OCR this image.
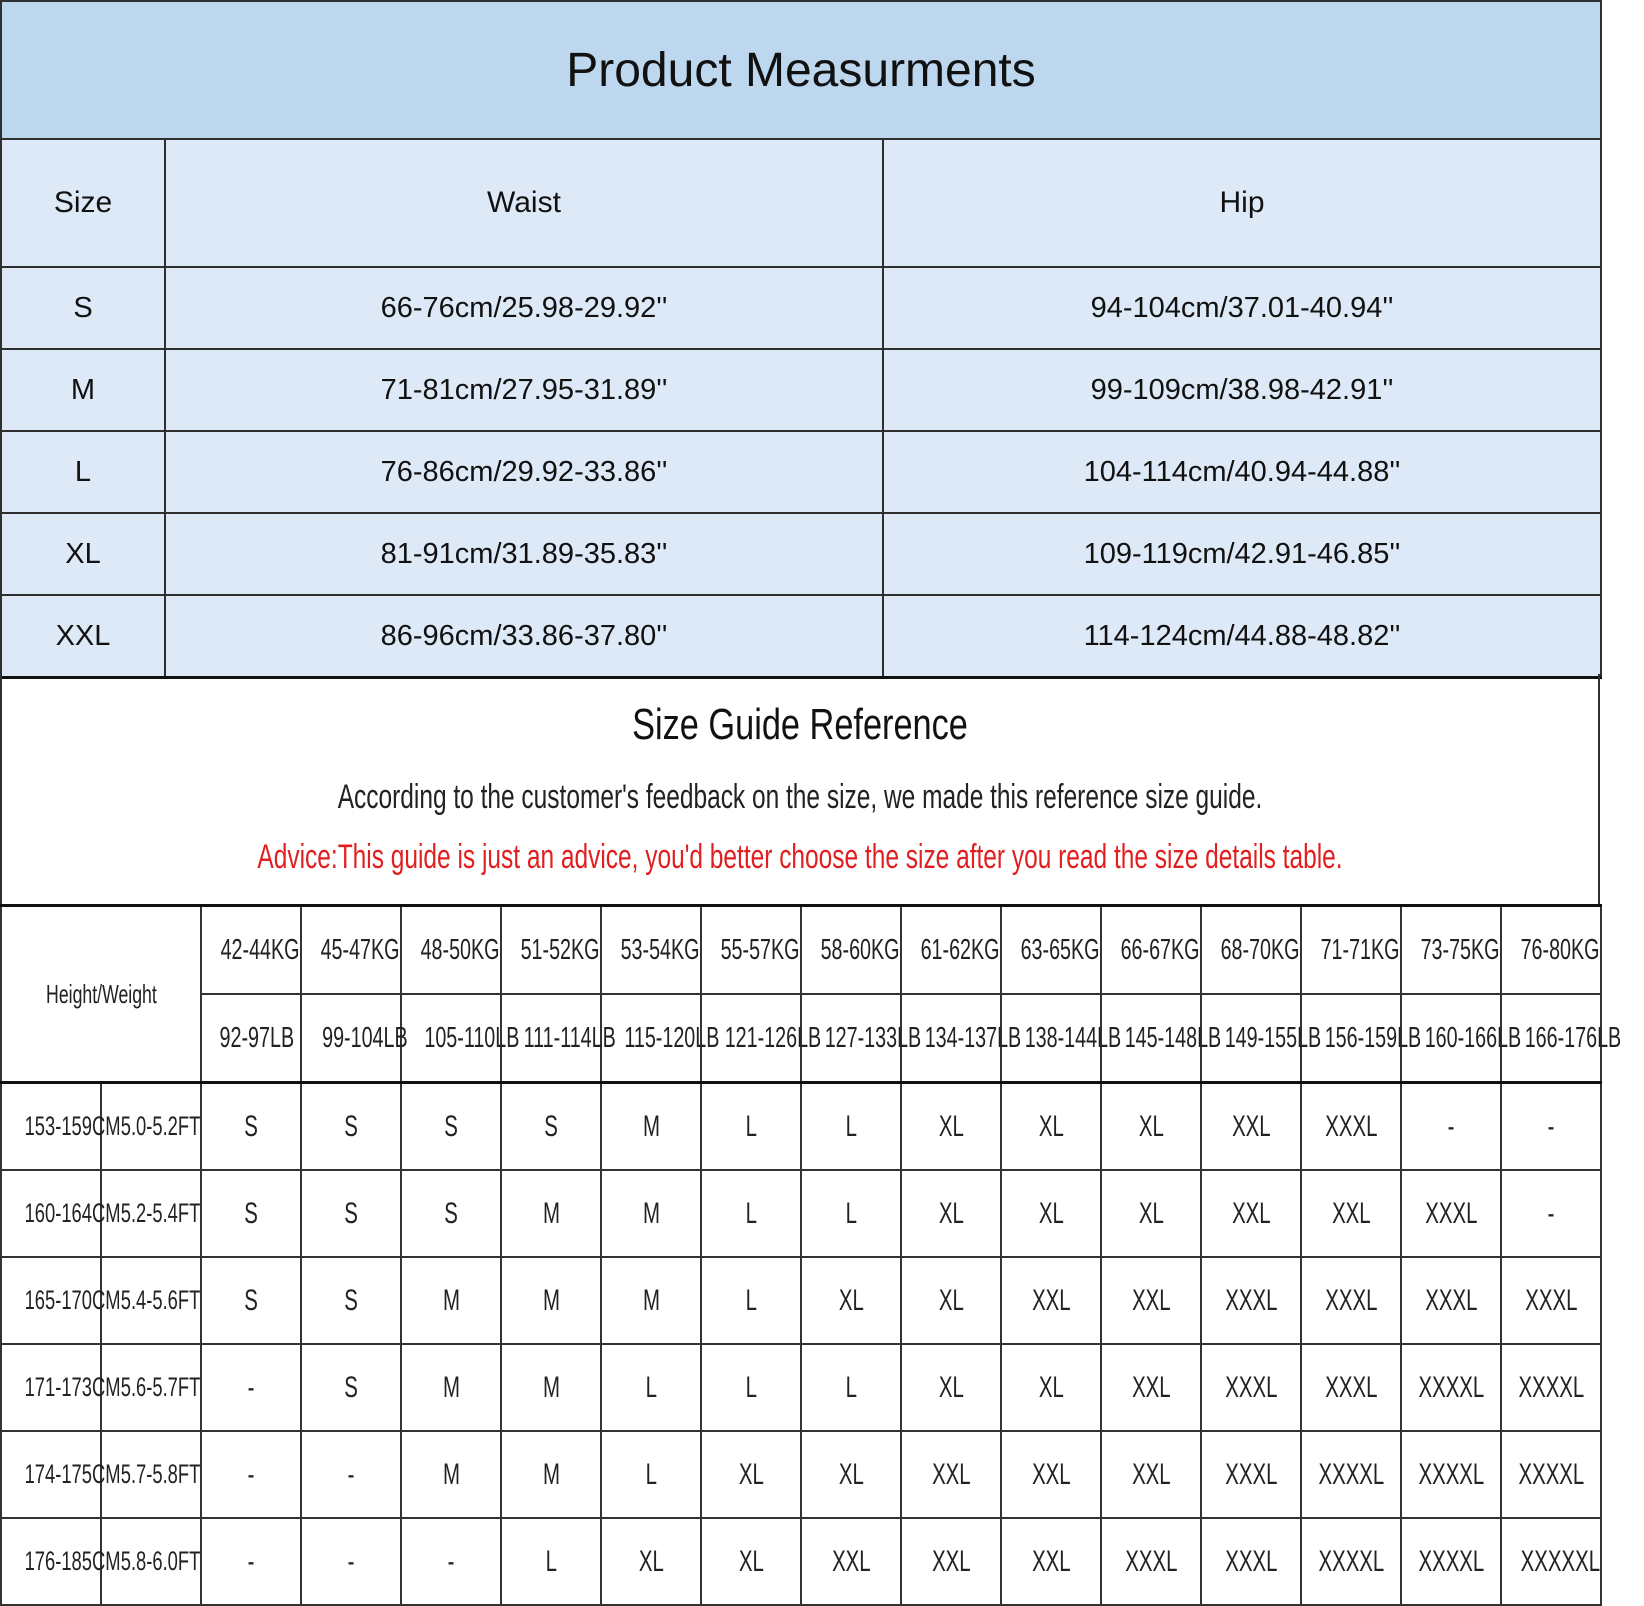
Product Measurments		
Size	Waist	Hip
S	66-76cm/25.98-29.92''	94-104cm/37.01-40.94''
M	71-81cm/27.95-31.89''	99-109cm/38.98-42.91''
L	76-86cm/29.92-33.86''	104-114cm/40.94-44.88''
XL	81-91cm/31.89-35.83''	109-119cm/42.91-46.85''
XXL	86-96cm/33.86-37.80''	114-124cm/44.88-48.82''
Size Guide Reference
According to the customer's feedback on the size, we made this reference size guide.
Advice:This guide is just an advice, you'd better choose the size after you read the size details table.
Height/Weight		42-44KG	45-47KG	48-50KG	51-52KG	53-54KG	55-57KG	58-60KG	61-62KG	63-65KG	66-67KG	68-70KG	71-71KG	73-75KG	76-80KG
		92-97LB	99-104LB	105-110LB	111-114LB	115-120LB	121-126LB	127-133LB	134-137LB	138-144LB	145-148LB	149-155LB	156-159LB	160-166LB	166-176LB
153-159CM	5.0-5.2FT	S	S	S	S	M	L	L	XL	XL	XL	XXL	XXXL	-	-
160-164CM	5.2-5.4FT	S	S	S	M	M	L	L	XL	XL	XL	XXL	XXL	XXXL	-
165-170CM	5.4-5.6FT	S	S	M	M	M	L	XL	XL	XXL	XXL	XXXL	XXXL	XXXL	XXXL
171-173CM	5.6-5.7FT	-	S	M	M	L	L	L	XL	XL	XXL	XXXL	XXXL	XXXXL	XXXXL
174-175CM	5.7-5.8FT	-	-	M	M	L	XL	XL	XXL	XXL	XXL	XXXL	XXXXL	XXXXL	XXXXL
176-185CM	5.8-6.0FT	-	-	-	L	XL	XL	XXL	XXL	XXL	XXXL	XXXL	XXXXL	XXXXL	XXXXXL
